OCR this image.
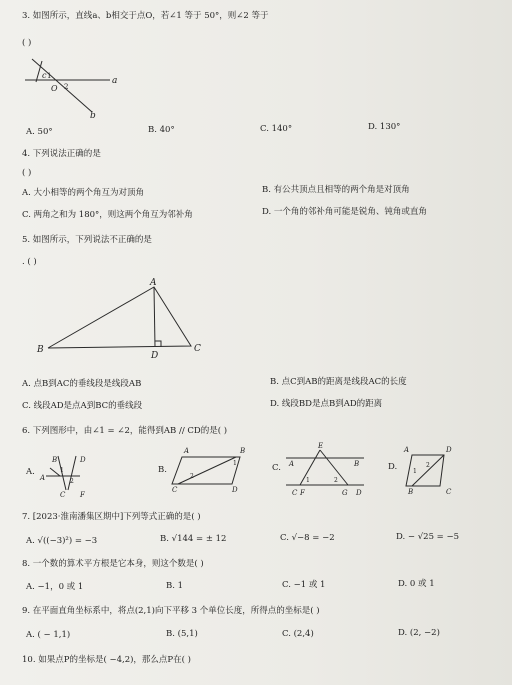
3. 如图所示，直线a、b相交于点O，若∠1 等于 50°，则∠2 等于
( )
a
b
c
O
1
2
A. 50°	B. 40°	C. 140°	D. 130°
4. 下列说法正确的是
( )
A. 大小相等的两个角互为对顶角	B. 有公共顶点且相等的两个角是对顶角
C. 两角之和为 180°，则这两个角互为邻补角	D. 一个角的邻补角可能是锐角、钝角或直角
5. 如图所示，下列说法不正确的是
. ( )
A
B	C
D
A. 点B到AC的垂线段是线段AB	B. 点C到AB的距离是线段AC的长度
C. 线段AD是点A到BC的垂线段	D. 线段BD是点B到AD的距离
6. 下列图形中，由∠1 = ∠2，能得到AB // CD的是( )
A.	B.	C.	D.
B	D
A
C F
1
2
A	B
C	D
1
2
E
A	B
C F	G D
1	2
A	D
B	C
1
2
7. [2023·淮南潘集区期中]下列等式正确的是( )
A. √((−3)²) = −3	B. √144 = ± 12	C. √−8 = −2	D. − √25 = −5
8. 一个数的算术平方根是它本身，则这个数是( )
A. −1，0 或 1	B. 1	C. −1 或 1	D. 0 或 1
9. 在平面直角坐标系中，将点(2,1)向下平移 3 个单位长度，所得点的坐标是( )
A. ( − 1,1)	B. (5,1)	C. (2,4)	D. (2, −2)
10. 如果点P的坐标是( −4,2)，那么点P在( )
